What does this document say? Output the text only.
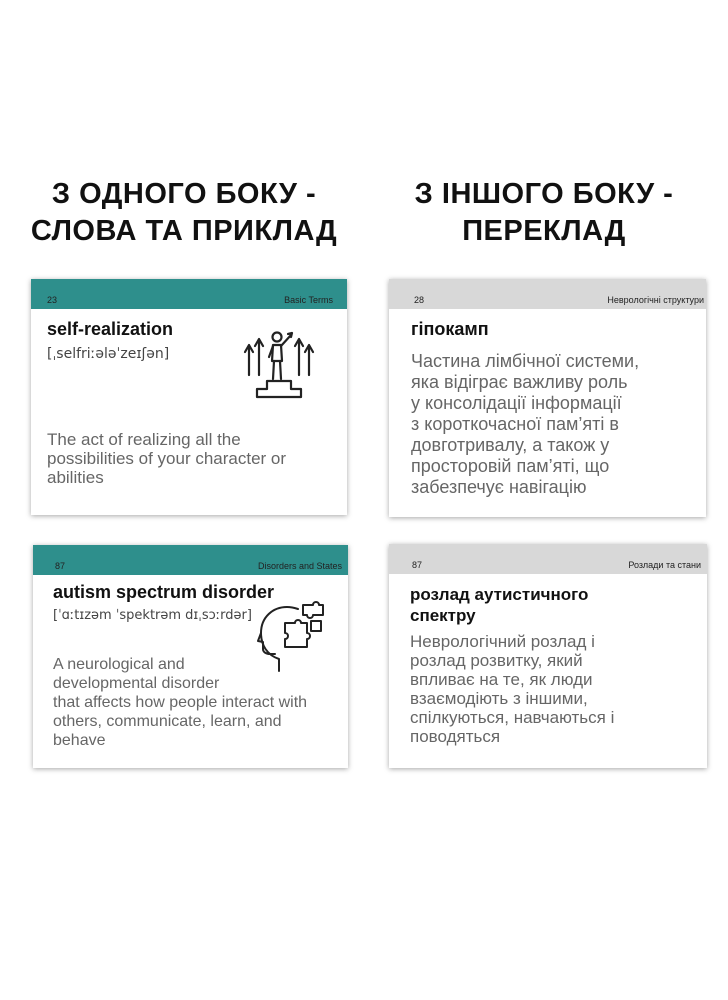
З ОДНОГО БОКУ -
СЛОВА ТА ПРИКЛАД
З ІНШОГО БОКУ -
ПЕРЕКЛАД
23	Basic Terms
self-realization
[ˌselfriːələˈzeɪʃən]
The act of realizing all the
possibilities of your character or
abilities
28	Неврологічні структури
гіпокамп
Частина лімбічної системи,
яка відіграє важливу роль
у консолідації інформації
з короткочасної пам’яті в
довготривалу, а також у
просторовій пам’яті, що
забезпечує навігацію
87	Disorders and States
autism spectrum disorder
[ˈɑːtɪzəm ˈspektrəm dɪˌsɔːrdər]
A neurological and
developmental disorder
that affects how people interact with
others, communicate, learn, and
behave
87	Розлади та стани
розлад аутистичного
спектру
Неврологічний розлад і
розлад розвитку, який
впливає на те, як люди
взаємодіють з іншими,
спілкуються, навчаються і
поводяться
